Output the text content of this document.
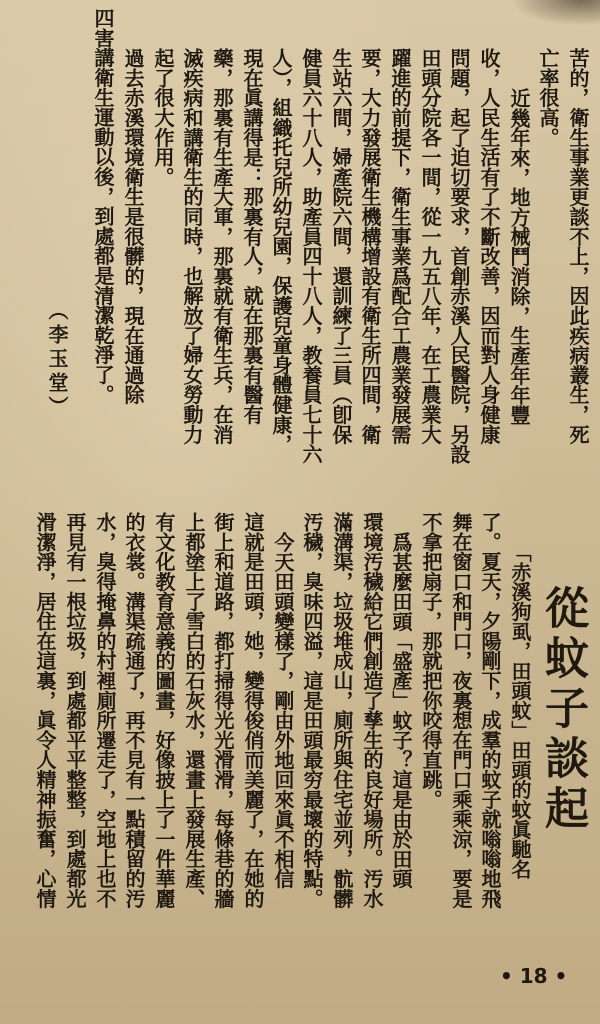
苦的，衛生事業更談不上，因此疾病叢生，死
亡率很高。
近幾年來，地方械鬥消除，生產年年豐
收，人民生活有了不斷改善，因而對人身健康
問題，起了迫切要求，首創赤溪人民醫院，另設
田頭分院各一間，從一九五八年，在工農業大
躍進的前提下，衛生事業爲配合工農業發展需
要，大力發展衛生機構增設有衛生所四間，衛
生站六間，婦產院六間，還訓練了三員（卽保
健員六十八人，助產員四十八人，教養員七十六
人），組織托兒所幼兒園，保護兒童身體健康，
現在眞講得是：那裏有人，就在那裏有醫有
藥，那裏有生產大軍，那裏就有衛生兵，在消
滅疾病和講衛生的同時，也解放了婦女勞動力
起了很大作用。
過去赤溪環境衛生是很髒的，現在通過除
四害講衛生運動以後，到處都是清潔乾淨了。
（李玉堂）
從蚊子談起
「赤溪狗虱，田頭蚊」田頭的蚊眞馳名
了。夏天，夕陽剛下，成羣的蚊子就嗡嗡地飛
舞在窗口和門口，夜裏想在門口乘乘涼，要是
不拿把扇子，那就把你咬得直跳。
爲甚麼田頭「盛產」蚊子？這是由於田頭
環境汚穢給它們創造了孳生的良好場所。汚水
滿溝渠，垃圾堆成山，廁所與住宅並列，骯髒
汚穢，臭味四溢，這是田頭最穷最壞的特點。
今天田頭變樣了，剛由外地回來眞不相信
這就是田頭，她，變得俊俏而美麗了，在她的
街上和道路，都打掃得光光滑滑，每條巷的牆
上都塗上了雪白的石灰水，還畫上發展生產、
有文化教育意義的圖畫，好像披上了一件華麗
的衣裳。溝渠疏通了，再不見有一點積留的汚
水，臭得掩鼻的村裡廁所遷走了，空地上也不
再見有一根垃圾，到處都平平整整，到處都光
滑潔淨，居住在這裏，眞令人精神振奮，心情
• 18 •
